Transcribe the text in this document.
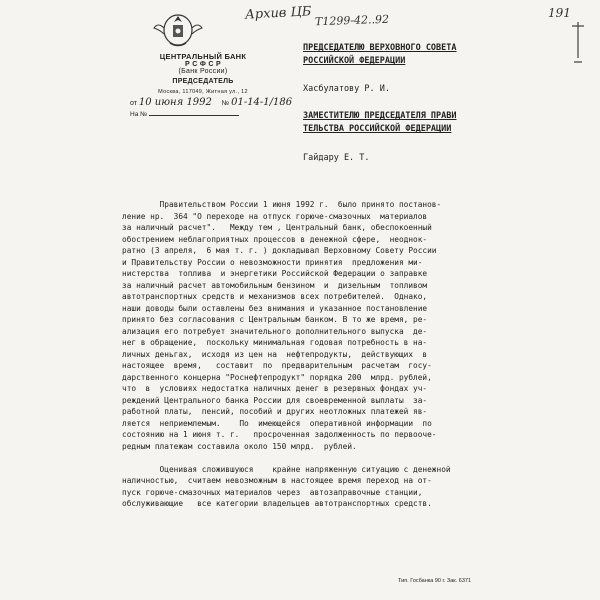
Архив ЦБ Т1299-42..92	191
ЦЕНТРАЛЬНЫЙ БАНК
Р С Ф С Р
(Банк России)
ПРЕДСЕДАТЕЛЬ
Москва, 117049, Житная ул., 12
от 10 июня 1992 № 01-14-1/186
На №
ПРЕДСЕДАТЕЛЮ ВЕРХОВНОГО СОВЕТА
РОССИЙСКОЙ ФЕДЕРАЦИИ
Хасбулатову Р. И.
ЗАМЕСТИТЕЛЮ ПРЕДСЕДАТЕЛЯ ПРАВИ
ТЕЛЬСТВА РОССИЙСКОЙ ФЕДЕРАЦИИ
Гайдару Е. Т.
Правительством России 1 июня 1992 г.  было принято постанов-
ление нр.  364 "О переходе на отпуск горюче-смазочных  материалов
за наличный расчет".   Между тем , Центральный банк, обеспокоенный
обострением неблагоприятных процессов в денежной сфере,  неоднок-
ратно (3 апреля,  6 мая т. г. ) докладывал Верховному Совету России
и Правительству России о невозможности принятия  предложения ми-
нистерства  топлива  и энергетики Российской Федерации о заправке
за наличный расчет автомобильным бензином  и  дизельным  топливом
автотранспортных средств и механизмов всех потребителей.  Однако,
наши доводы были оставлены без внимания и указанное постановление
принято без согласования с Центральным банком. В то же время, ре-
ализация его потребует значительного дополнительного выпуска  де-
нег в обращение,  поскольку минимальная годовая потребность в на-
личных деньгах,  исходя из цен на  нефтепродукты,  действующих  в
настоящее  время,   составит  по  предварительным  расчетам  госу-
дарственного концерна "Роснефтепродукт" порядка 200  млрд. рублей,
что  в  условиях недостатка наличных денег в резервных фондах уч-
реждений Центрального банка России для своевременной выплаты  за-
работной платы,  пенсий, пособий и других неотложных платежей яв-
ляется  неприемлемым.    По  имеющейся  оперативной информации  по
состоянию на 1 июня т. г.   просроченная задолженность по первооче-
редным платежам составила около 150 млрд.  рублей.

Оценивая сложившуюся    крайне напряженную ситуацию с денежной
наличностью,  считаем невозможным в настоящее время переход на от-
пуск горюче-смазочных материалов через  автозаправочные станции,
обслуживающие   все категории владельцев автотранспортных средств.
Тип. Госбанка 90 г. Зак. 6371
